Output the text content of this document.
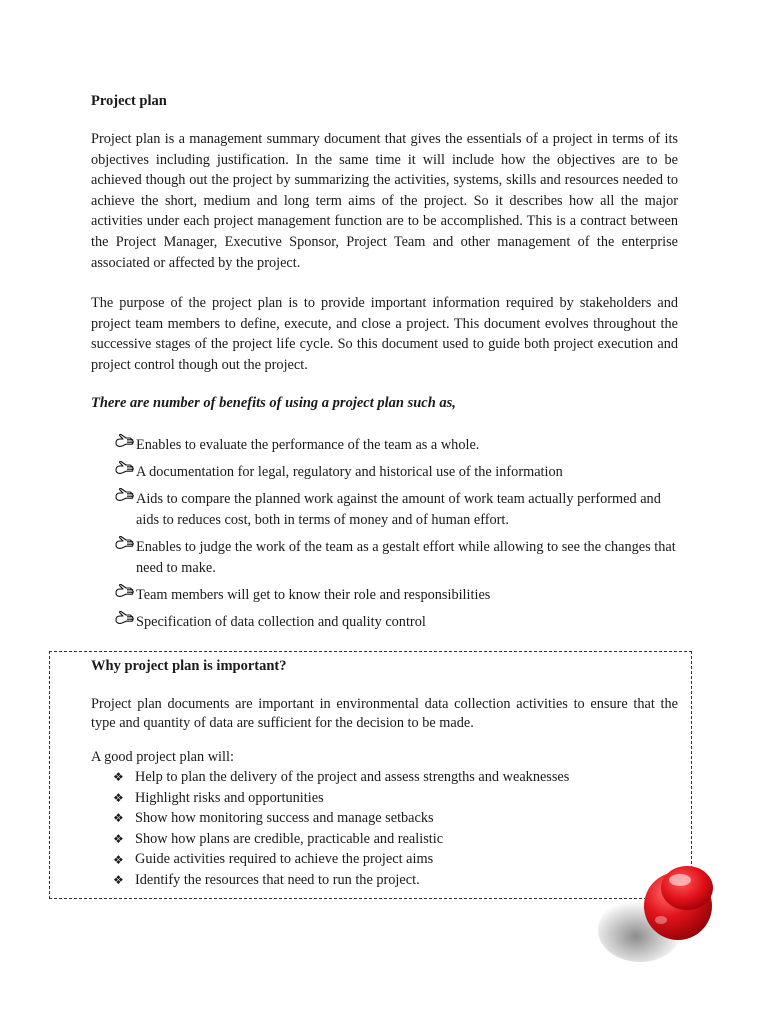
Project plan

Project plan is a management summary document that gives the essentials of a project in terms of its objectives including justification. In the same time it will include how the objectives are to be achieved though out the project by summarizing the activities, systems, skills and resources needed to achieve the short, medium and long term aims of the project. So it describes how all the major activities under each project management function are to be accomplished. This is a contract between the Project Manager, Executive Sponsor, Project Team and other management of the enterprise associated or affected by the project.

The purpose of the project plan is to provide important information required by stakeholders and project team members to define, execute, and close a project. This document evolves throughout the successive stages of the project life cycle. So this document used to guide both project execution and project control though out the project.

There are number of benefits of using a project plan such as,

Enables to evaluate the performance of the team as a whole.
A documentation for legal, regulatory and historical use of the information
Aids to compare the planned work against the amount of work team actually performed and aids to reduces cost, both in terms of money and of human effort.
Enables to judge the work of the team as a gestalt effort while allowing to see the changes that need to make.
Team members will get to know their role and responsibilities
Specification of data collection and quality control

Why project plan is important?

Project plan documents are important in environmental data collection activities to ensure that the type and quantity of data are sufficient for the decision to be made.

A good project plan will:

❖ Help to plan the delivery of the project and assess strengths and weaknesses
❖ Highlight risks and opportunities
❖ Show how monitoring success and manage setbacks
❖ Show how plans are credible, practicable and realistic
❖ Guide activities required to achieve the project aims
❖ Identify the resources that need to run the project.
